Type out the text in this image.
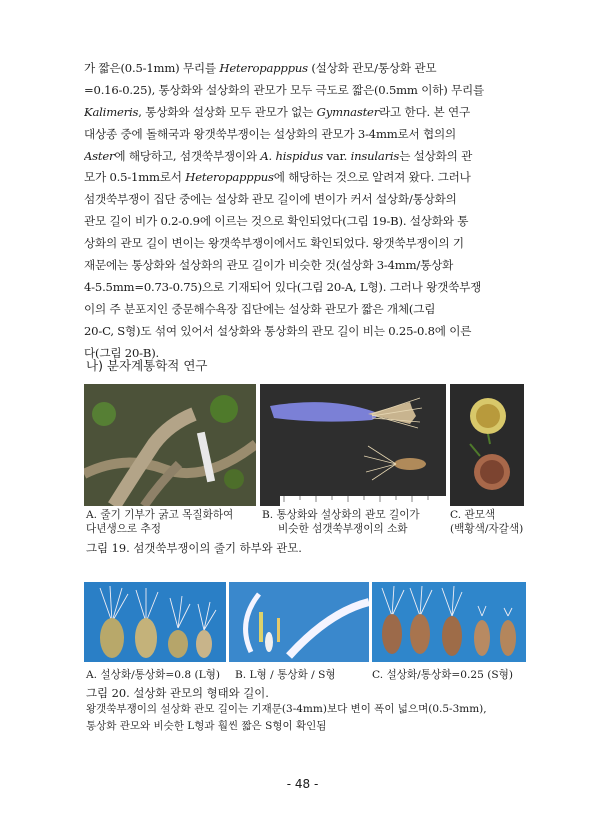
가 짧은(0.5-1mm) 무리를 Heteropapppus (설상화 관모/통상화 관모
=0.16-0.25), 통상화와 설상화의 관모가 모두 극도로 짧은(0.5mm 이하) 무리를
Kalimeris, 통상화와 설상화 모두 관모가 없는 Gymnaster라고 한다. 본 연구
대상종 중에 돌해국과 왕갯쑥부쟁이는 설상화의 관모가 3-4mm로서 협의의
Aster에 해당하고, 섬갯쑥부쟁이와 A. hispidus var. insularis는 설상화의 관
모가 0.5-1mm로서 Heteropapppus에 해당하는 것으로 알려져 왔다. 그러나
섬갯쑥부쟁이 집단 중에는 설상화 관모 길이에 변이가 커서 설상화/통상화의
관모 길이 비가 0.2-0.9에 이르는 것으로 확인되었다(그림 19-B). 설상화와 통
상화의 관모 길이 변이는 왕갯쑥부쟁이에서도 확인되었다. 왕갯쑥부쟁이의 기
재문에는 통상화와 설상화의 관모 길이가 비슷한 것(설상화 3-4mm/통상화
4-5.5mm=0.73-0.75)으로 기재되어 있다(그림 20-A, L형). 그러나 왕갯쑥부쟁
이의 주 분포지인 중문해수욕장 집단에는 설상화 관모가 짧은 개체(그림
20-C, S형)도 섞여 있어서 설상화와 통상화의 관모 길이 비는 0.25-0.8에 이른
다(그림 20-B).
나) 분자계통학적 연구
A. 줄기 기부가 굵고 목질화하여
다년생으로 추정
B. 통상화와 설상화의 관모 길이가
비슷한 섬갯쑥부쟁이의 소화
C. 관모색
(백황색/자갈색)
그림 19. 섬갯쑥부쟁이의 줄기 하부와 관모.
A. 설상화/통상화=0.8 (L형) B. L형 / 통상화 / S형	C. 설상화/통상화=0.25 (S형)
그림 20. 설상화 관모의 형태와 길이.
왕갯쑥부쟁이의 설상화 관모 길이는 기재문(3-4mm)보다 변이 폭이 넓으며(0.5-3mm),
통상화 관모와 비슷한 L형과 훨씬 짧은 S형이 확인됨
- 48 -
